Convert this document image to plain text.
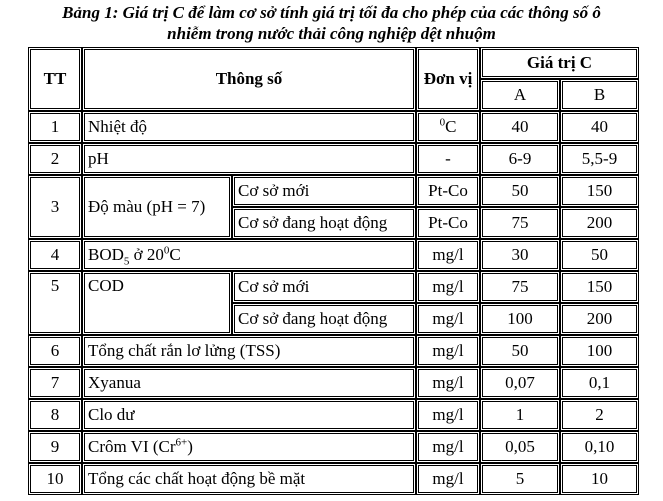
Bảng 1: Giá trị C để làm cơ sở tính giá trị tối đa cho phép của các thông số ô
nhiễm trong nước thải công nghiệp dệt nhuộm
TT	Thông số		Đơn vị	Giá trị C	
				A	B
1	Nhiệt độ		$^0$C	40	40
2	pH		-	6-9	5,5-9
3	Độ màu (pH = 7)	Cơ sở mới	Pt-Co	50	150
		Cơ sở đang hoạt động	Pt-Co	75	200
4	$BOD_5$ ở $20^0C$		mg/l	30	50
5	COD	Cơ sở mới	mg/l	75	150
		Cơ sở đang hoạt động	mg/l	100	200
6	Tổng chất rắn lơ lửng (TSS)		mg/l	50	100
7	Xyanua		mg/l	0,07	0,1
8	Clo dư		mg/l	1	2
9	Crôm VI $(Cr^{6+})$		mg/l	0,05	0,10
10	Tổng các chất hoạt động bề mặt		mg/l	5	10
